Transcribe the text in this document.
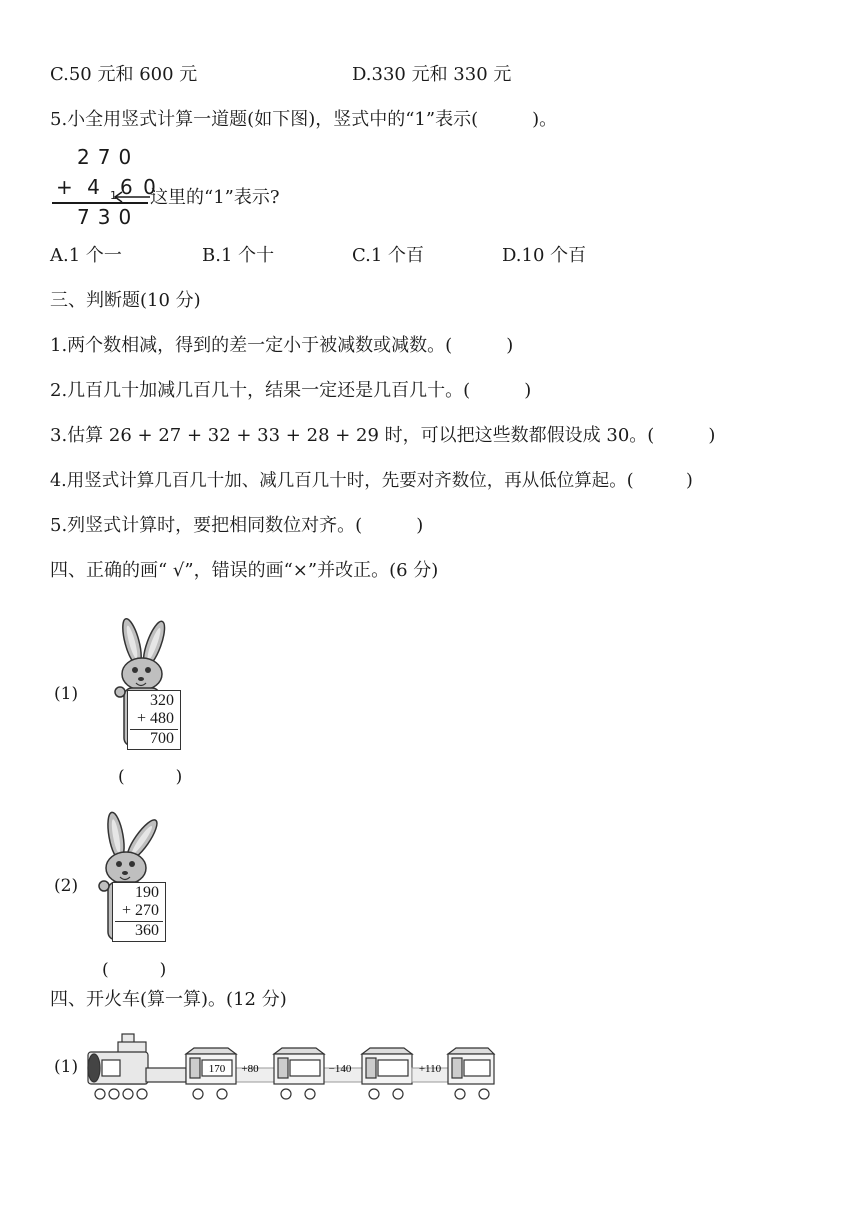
C.50 元和 600 元	D.330 元和 330 元
5.小全用竖式计算一道题(如下图)，竖式中的“1”表示(　　　)。
270
+ 4 1 6 0
730
这里的“1”表示?
A.1 个一	B.1 个十	C.1 个百	D.10 个百
三、判断题(10 分)
1.两个数相减，得到的差一定小于被减数或减数。(　　　)
2.几百几十加减几百几十，结果一定还是几百几十。(　　　)
3.估算 26 + 27 + 32 + 33 + 28 + 29 时，可以把这些数都假设成 30。(　　　)
4.用竖式计算几百几十加、减几百几十时，先要对齐数位，再从低位算起。(　　　)
5.列竖式计算时，要把相同数位对齐。(　　　)
四、正确的画“ √”，错误的画“×”并改正。(6 分)
(1)	320
+ 480
700
(　　　)
(2)	190
+ 270
360
(　　　)
四、开火车(算一算)。(12 分)
(1)	170 +80	−140	+110
